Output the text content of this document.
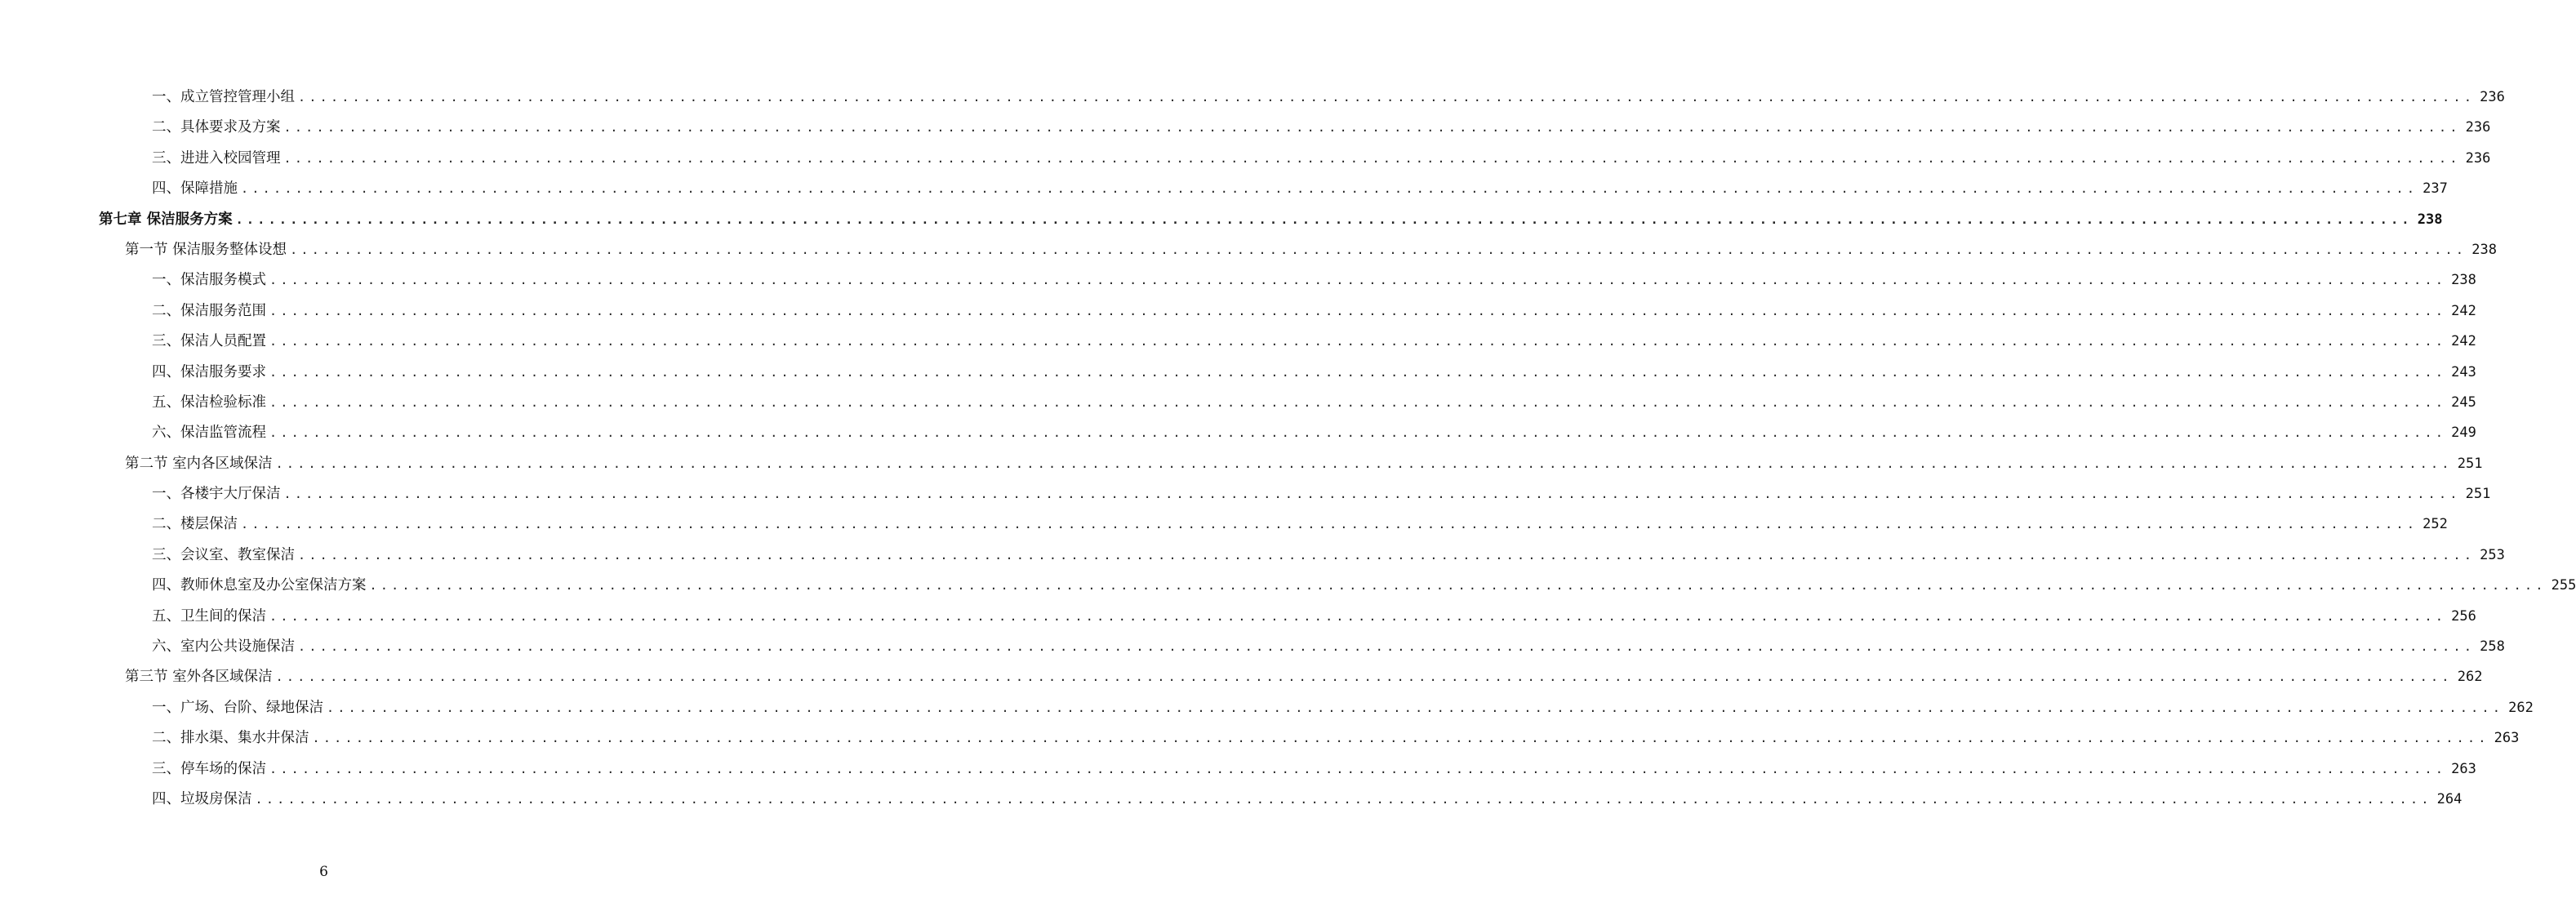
一、成立管控管理小组 ........................................................................................................................................................................................................ 236
二、具体要求及方案 ........................................................................................................................................................................................................ 236
三、进进入校园管理 ........................................................................................................................................................................................................ 236
四、保障措施 ........................................................................................................................................................................................................ 237
第七章 保洁服务方案 ........................................................................................................................................................................................................ 238
第一节 保洁服务整体设想 ........................................................................................................................................................................................................ 238
一、保洁服务模式 ........................................................................................................................................................................................................ 238
二、保洁服务范围 ........................................................................................................................................................................................................ 242
三、保洁人员配置 ........................................................................................................................................................................................................ 242
四、保洁服务要求 ........................................................................................................................................................................................................ 243
五、保洁检验标准 ........................................................................................................................................................................................................ 245
六、保洁监管流程 ........................................................................................................................................................................................................ 249
第二节 室内各区域保洁 ........................................................................................................................................................................................................ 251
一、各楼宇大厅保洁 ........................................................................................................................................................................................................ 251
二、楼层保洁 ........................................................................................................................................................................................................ 252
三、会议室、教室保洁 ........................................................................................................................................................................................................ 253
四、教师休息室及办公室保洁方案 ........................................................................................................................................................................................................ 255
五、卫生间的保洁 ........................................................................................................................................................................................................ 256
六、室内公共设施保洁 ........................................................................................................................................................................................................ 258
第三节 室外各区域保洁 ........................................................................................................................................................................................................ 262
一、广场、台阶、绿地保洁 ........................................................................................................................................................................................................ 262
二、排水渠、集水井保洁 ........................................................................................................................................................................................................ 263
三、停车场的保洁 ........................................................................................................................................................................................................ 263
四、垃圾房保洁 ........................................................................................................................................................................................................ 264
6
